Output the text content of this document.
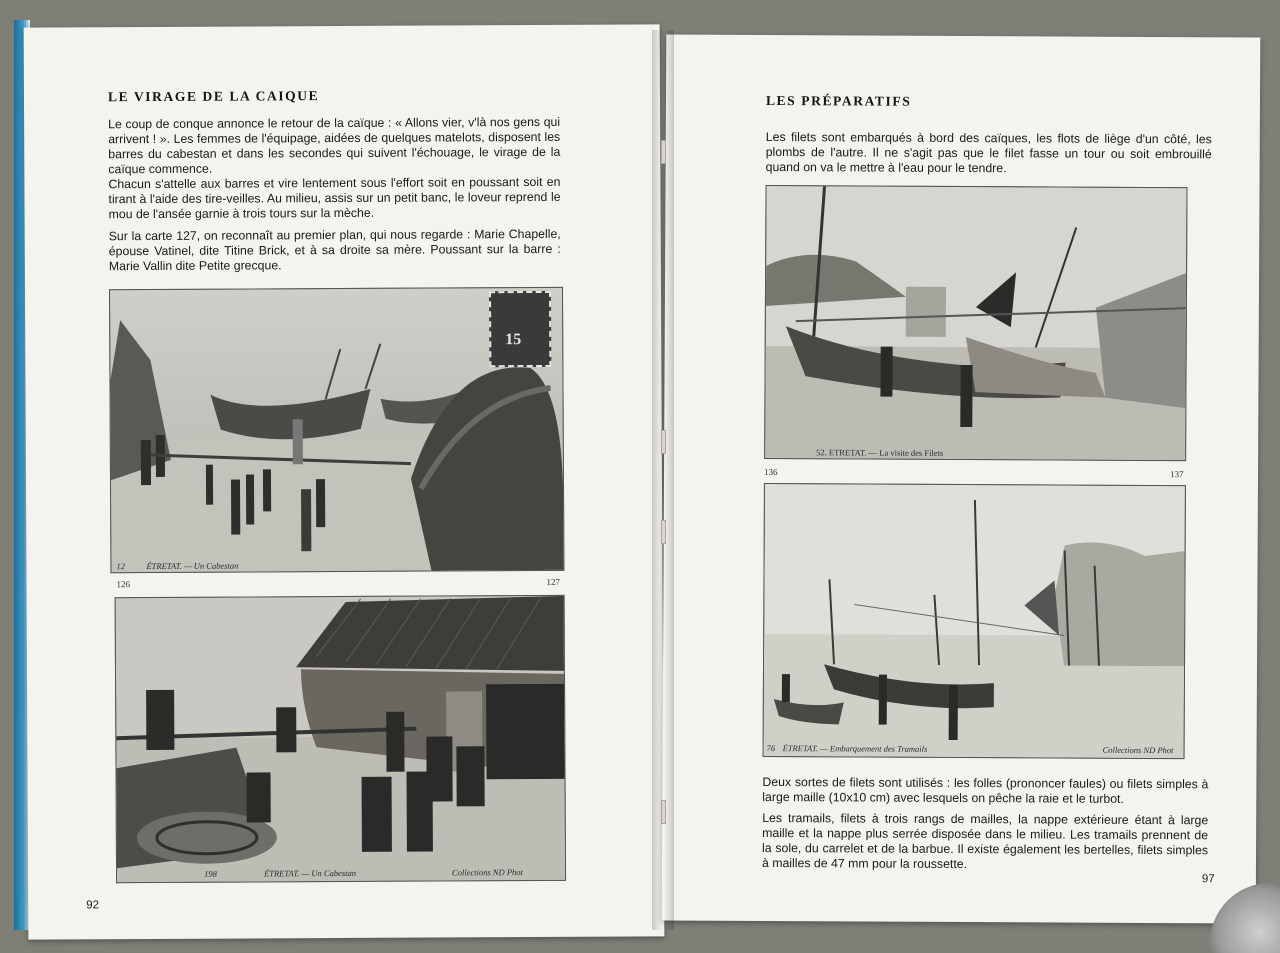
LE VIRAGE DE LA CAIQUE

Le coup de conque annonce le retour de la caïque : « Allons vier, v'là nos gens qui arrivent ! ». Les femmes de l'équipage, aidées de quelques matelots, disposent les barres du cabestan et dans les secondes qui suivent l'échouage, le virage de la caïque commence.

Chacun s'attelle aux barres et vire lentement sous l'effort soit en poussant soit en tirant à l'aide des tire-veilles. Au milieu, assis sur un petit banc, le loveur reprend le mou de l'ansée garnie à trois tours sur la mèche.

Sur la carte 127, on reconnaît au premier plan, qui nous regarde : Marie Chapelle, épouse Vatinel, dite Titine Brick, et à sa droite sa mère. Poussant sur la barre : Marie Vallin dite Petite grecque.

15
12	ÉTRETAT. — Un Cabestan
126	127
198	ÉTRETAT. — Un Cabestan	Collections ND Phot
92
LES PRÉPARATIFS

Les filets sont embarqués à bord des caïques, les flots de liège d'un côté, les plombs de l'autre. Il ne s'agit pas que le filet fasse un tour ou soit embrouillé quand on va le mettre à l'eau pour le tendre.

52. ETRETAT. — La visite des Filets
136	137
76 ÉTRETAT. — Embarquement des Tramails	Collections ND Phot

Deux sortes de filets sont utilisés : les folles (prononcer faules) ou filets simples à large maille (10x10 cm) avec lesquels on pêche la raie et le turbot.

Les tramails, filets à trois rangs de mailles, la nappe extérieure étant à large maille et la nappe plus serrée disposée dans le milieu. Les tramails prennent de la sole, du carrelet et de la barbue. Il existe également les bertelles, filets simples à mailles de 47 mm pour la roussette.

97
